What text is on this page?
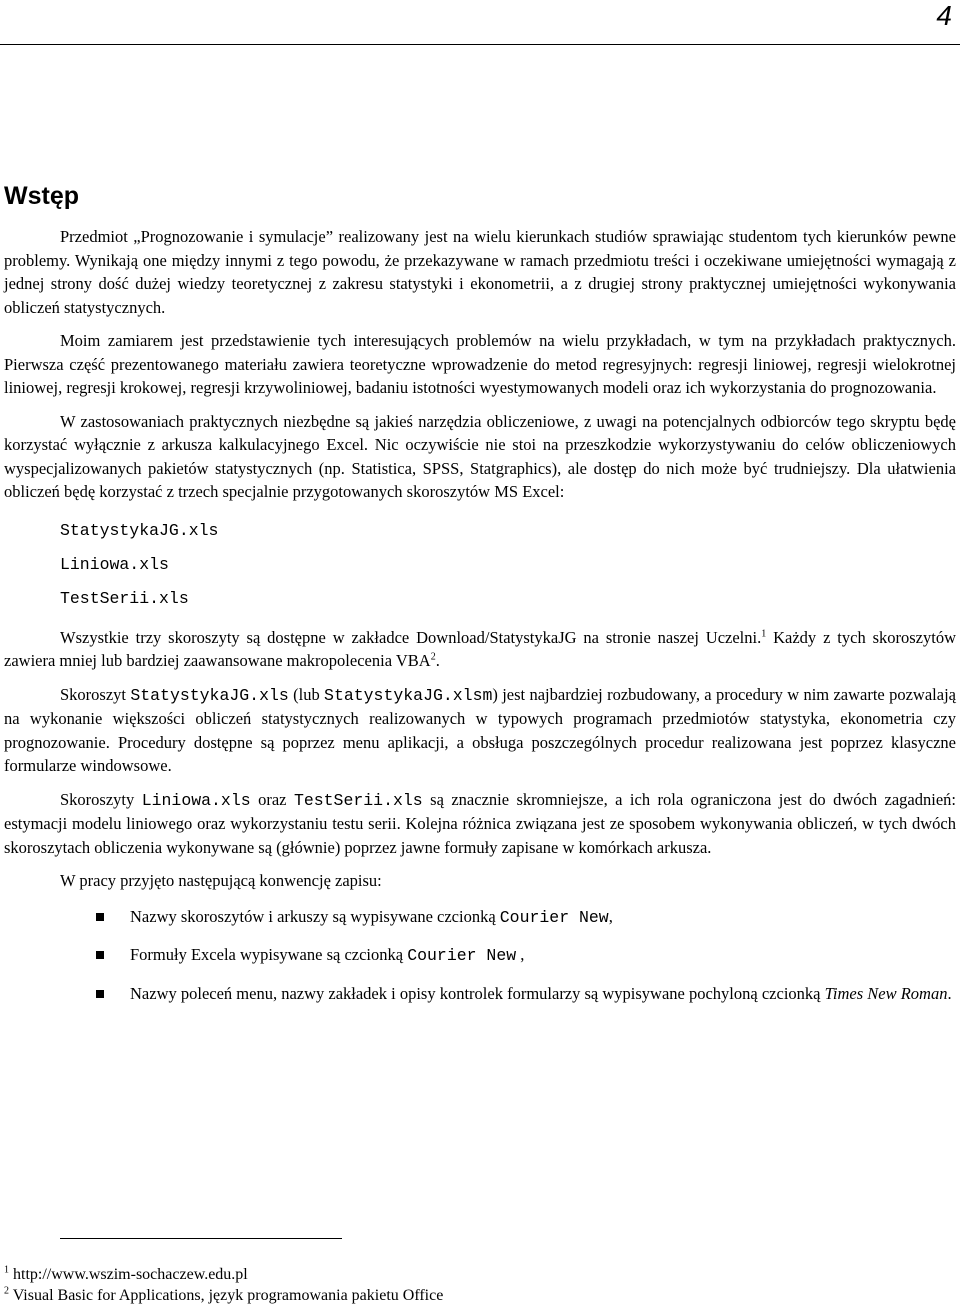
4
Wstęp

Przedmiot „Prognozowanie i symulacje” realizowany jest na wielu kierunkach studiów sprawiając studentom tych kierunków pewne problemy. Wynikają one między innymi z tego powodu, że przekazywane w ramach przedmiotu treści i oczekiwane umiejętności wymagają z jednej strony dość dużej wiedzy teoretycznej z zakresu statystyki i ekonometrii, a z drugiej strony praktycznej umiejętności wykonywania obliczeń statystycznych.

Moim zamiarem jest przedstawienie tych interesujących problemów na wielu przykładach, w tym na przykładach praktycznych. Pierwsza część prezentowanego materiału zawiera teoretyczne wprowadzenie do metod regresyjnych: regresji liniowej, regresji wielokrotnej liniowej, regresji krokowej, regresji krzywoliniowej, badaniu istotności wyestymowanych modeli oraz ich wykorzystania do prognozowania.

W zastosowaniach praktycznych niezbędne są jakieś narzędzia obliczeniowe, z uwagi na potencjalnych odbiorców tego skryptu będę korzystać wyłącznie z arkusza kalkulacyjnego Excel. Nic oczywiście nie stoi na przeszkodzie wykorzystywaniu do celów obliczeniowych wyspecjalizowanych pakietów statystycznych (np. Statistica, SPSS, Statgraphics), ale dostęp do nich może być trudniejszy. Dla ułatwienia obliczeń będę korzystać z trzech specjalnie przygotowanych skoroszytów MS Excel:

StatystykaJG.xls
Liniowa.xls
TestSerii.xls

Wszystkie trzy skoroszyty są dostępne w zakładce Download/StatystykaJG na stronie naszej Uczelni.$^1$ Każdy z tych skoroszytów zawiera mniej lub bardziej zaawansowane makropolecenia VBA$^2$.

Skoroszyt StatystykaJG.xls (lub StatystykaJG.xlsm) jest najbardziej rozbudowany, a procedury w nim zawarte pozwalają na wykonanie większości obliczeń statystycznych realizowanych w typowych programach przedmiotów statystyka, ekonometria czy prognozowanie. Procedury dostępne są poprzez menu aplikacji, a obsługa poszczególnych procedur realizowana jest poprzez klasyczne formularze windowsowe.

Skoroszyty Liniowa.xls oraz TestSerii.xls są znacznie skromniejsze, a ich rola ograniczona jest do dwóch zagadnień: estymacji modelu liniowego oraz wykorzystaniu testu serii. Kolejna różnica związana jest ze sposobem wykonywania obliczeń, w tych dwóch skoroszytach obliczenia wykonywane są (głównie) poprzez jawne formuły zapisane w komórkach arkusza.

W pracy przyjęto następującą konwencję zapisu:

Nazwy skoroszytów i arkuszy są wypisywane czcionką Courier New,
Formuły Excela wypisywane są czcionką Courier New ,
Nazwy poleceń menu, nazwy zakładek i opisy kontrolek formularzy są wypisywane pochyloną czcionką Times New Roman.
$^1$ http://www.wszim-sochaczew.edu.pl
$^2$ Visual Basic for Applications, język programowania pakietu Office
